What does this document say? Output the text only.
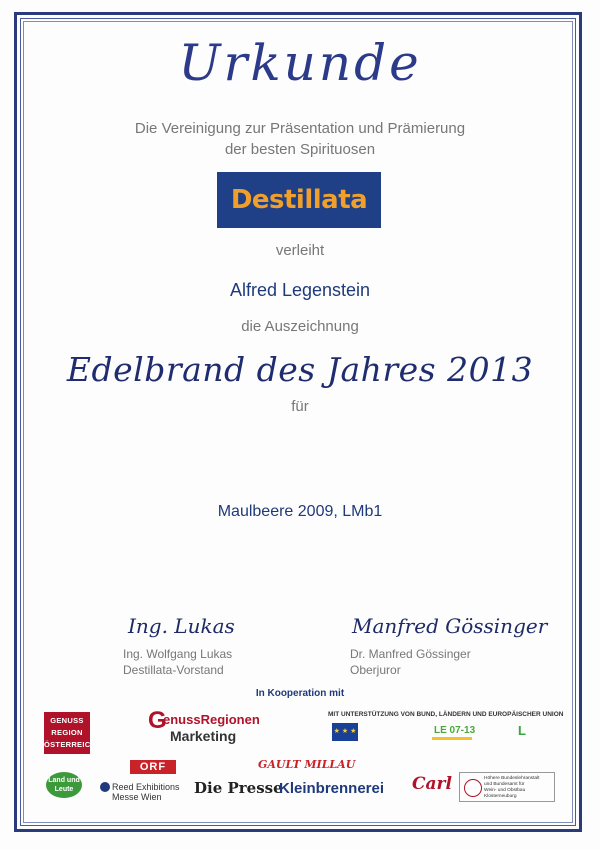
Urkunde
Die Vereinigung zur Präsentation und Prämierung
der besten Spirituosen
Destillata
verleiht
Alfred Legenstein
die Auszeichnung
Edelbrand des Jahres 2013
für
Maulbeere 2009, LMb1
Ing. Lukas	Manfred Gössinger
Ing. Wolfgang Lukas
Destillata-Vorstand
Dr. Manfred Gössinger
Oberjuror
In Kooperation mit
GENUSS
REGION
ÖSTERREICH
G
enussRegionen
Marketing
MIT UNTERSTÜTZUNG VON BUND, LÄNDERN UND EUROPÄISCHER UNION
★ ★ ★	LE 07-13	L
ORF	GAULT MILLAU
Land und Leute	Reed Exhibitions
Messe Wien	Die Presse
Kleinbrennerei Carl	Höhere Bundeslehranstalt
und Bundesamt für
Wein- und Obstbau
Klosterneuburg
